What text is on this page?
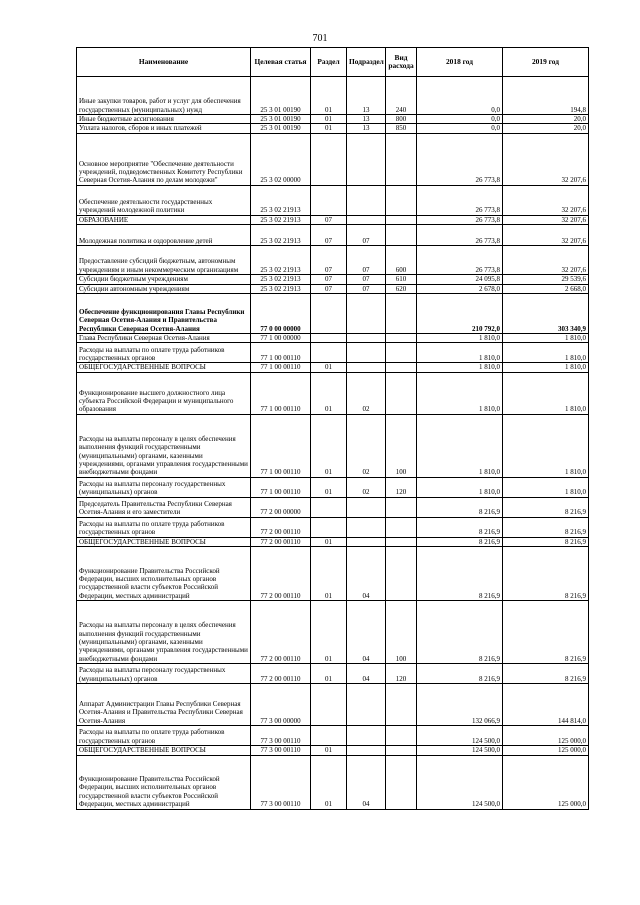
701
Наименование	Целевая статья	Раздел	Подраздел	Вид расхода	2018 год	2019 год
Иные закупки товаров, работ и услуг для обеспечения государственных (муниципальных) нужд	25 3 01 00190	01	13	240	0,0	194,8
Иные бюджетные ассигнования	25 3 01 00190	01	13	800	0,0	20,0
Уплата налогов, сборов и иных платежей	25 3 01 00190	01	13	850	0,0	20,0
Основное мероприятие "Обеспечение деятельности учреждений, подведомственных Комитету Республики Северная Осетия-Алания по делам молодежи"	25 3 02 00000				26 773,8	32 207,6
Обеспечение деятельности государственных учреждений молодежной политики	25 3 02 21913				26 773,8	32 207,6
ОБРАЗОВАНИЕ	25 3 02 21913	07			26 773,8	32 207,6
Молодежная политика и оздоровление детей	25 3 02 21913	07	07		26 773,8	32 207,6
Предоставление субсидий бюджетным, автономным учреждениям и иным некоммерческим организациям	25 3 02 21913	07	07	600	26 773,8	32 207,6
Субсидии бюджетным учреждениям	25 3 02 21913	07	07	610	24 095,8	29 539,6
Субсидии автономным учреждениям	25 3 02 21913	07	07	620	2 678,0	2 668,0
Обеспечение функционирования Главы Республики Северная Осетия-Алания и Правительства Республики Северная Осетия-Алания	77 0 00 00000				210 792,0	303 340,9
Глава Республики Северная Осетия-Алания	77 1 00 00000				1 810,0	1 810,0
Расходы на выплаты по оплате труда работников государственных органов	77 1 00 00110				1 810,0	1 810,0
ОБЩЕГОСУДАРСТВЕННЫЕ ВОПРОСЫ	77 1 00 00110	01			1 810,0	1 810,0
Функционирование высшего должностного лица субъекта Российской Федерации и муниципального образования	77 1 00 00110	01	02		1 810,0	1 810,0
Расходы на выплаты персоналу в целях обеспечения выполнения функций государственными (муниципальными) органами, казенными учреждениями, органами управления государственными внебюджетными фондами	77 1 00 00110	01	02	100	1 810,0	1 810,0
Расходы на выплаты персоналу государственных (муниципальных) органов	77 1 00 00110	01	02	120	1 810,0	1 810,0
Председатель Правительства Республики Северная Осетия-Алания и его заместители	77 2 00 00000				8 216,9	8 216,9
Расходы на выплаты по оплате труда работников государственных органов	77 2 00 00110				8 216,9	8 216,9
ОБЩЕГОСУДАРСТВЕННЫЕ ВОПРОСЫ	77 2 00 00110	01			8 216,9	8 216,9
Функционирование Правительства Российской Федерации, высших исполнительных органов государственной власти субъектов Российской Федерации, местных администраций	77 2 00 00110	01	04		8 216,9	8 216,9
Расходы на выплаты персоналу в целях обеспечения выполнения функций государственными (муниципальными) органами, казенными учреждениями, органами управления государственными внебюджетными фондами	77 2 00 00110	01	04	100	8 216,9	8 216,9
Расходы на выплаты персоналу государственных (муниципальных) органов	77 2 00 00110	01	04	120	8 216,9	8 216,9
Аппарат Администрации Главы Республики Северная Осетия-Алания и Правительства Республики Северная Осетия-Алания	77 3 00 00000				132 066,9	144 814,0
Расходы на выплаты по оплате труда работников государственных органов	77 3 00 00110				124 500,0	125 000,0
ОБЩЕГОСУДАРСТВЕННЫЕ ВОПРОСЫ	77 3 00 00110	01			124 500,0	125 000,0
Функционирование Правительства Российской Федерации, высших исполнительных органов государственной власти субъектов Российской Федерации, местных администраций	77 3 00 00110	01	04		124 500,0	125 000,0
